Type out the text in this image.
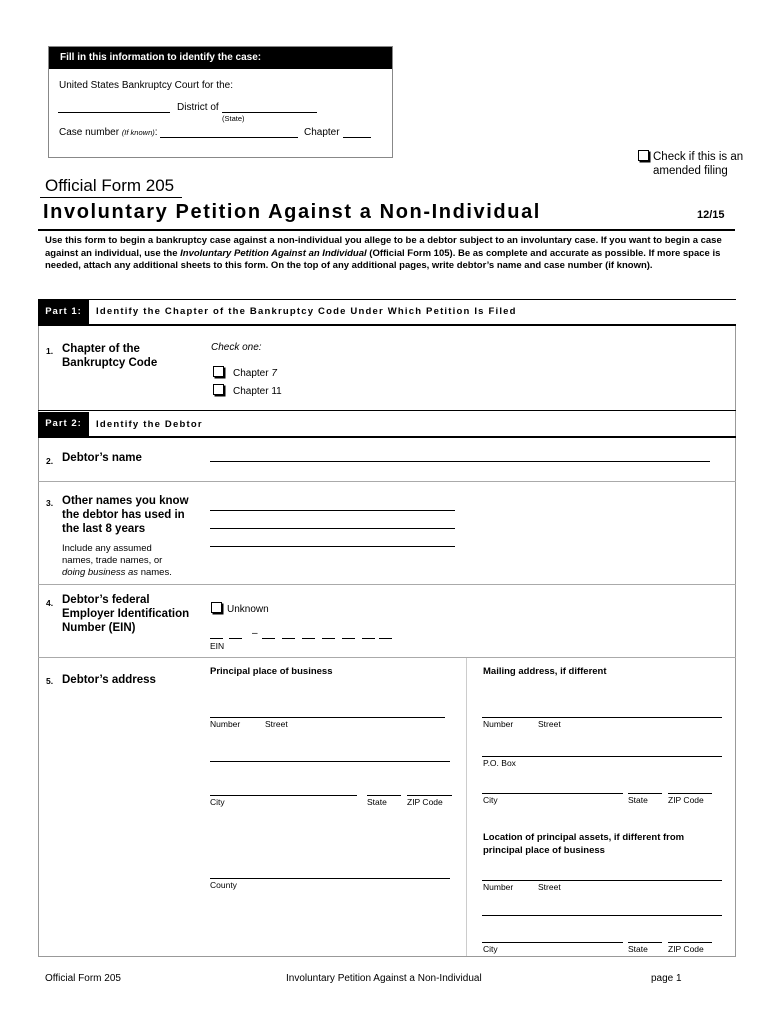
Fill in this information to identify the case:
United States Bankruptcy Court for the:
District of
(State)
Case number (If known):	Chapter
Check if this is an
amended filing
Official Form 205
Involuntary Petition Against a Non-Individual	12/15
Use this form to begin a bankruptcy case against a non-individual you allege to be a debtor subject to an involuntary case. If you want to begin a case against an individual, use the Involuntary Petition Against an Individual (Official Form 105). Be as complete and accurate as possible. If more space is needed, attach any additional sheets to this form. On the top of any additional pages, write debtor’s name and case number (if known).
Part 1:	Identify the Chapter of the Bankruptcy Code Under Which Petition Is Filed
1. Chapter of the
Bankruptcy Code
Check one:
Chapter 7
Chapter 11
Part 2:	Identify the Debtor
2. Debtor’s name
3. Other names you know
the debtor has used in
the last 8 years
Include any assumed
names, trade names, or
doing business as names.
4. Debtor’s federal
Employer Identification
Number (EIN)
Unknown
–
EIN
5. Debtor’s address
Principal place of business
Number	Street
City	State ZIP Code
County
Mailing address, if different
Number	Street
P.O. Box
City	State ZIP Code
Location of principal assets, if different from
principal place of business
Number	Street
City	State ZIP Code
Official Form 205	Involuntary Petition Against a Non-Individual	page 1
